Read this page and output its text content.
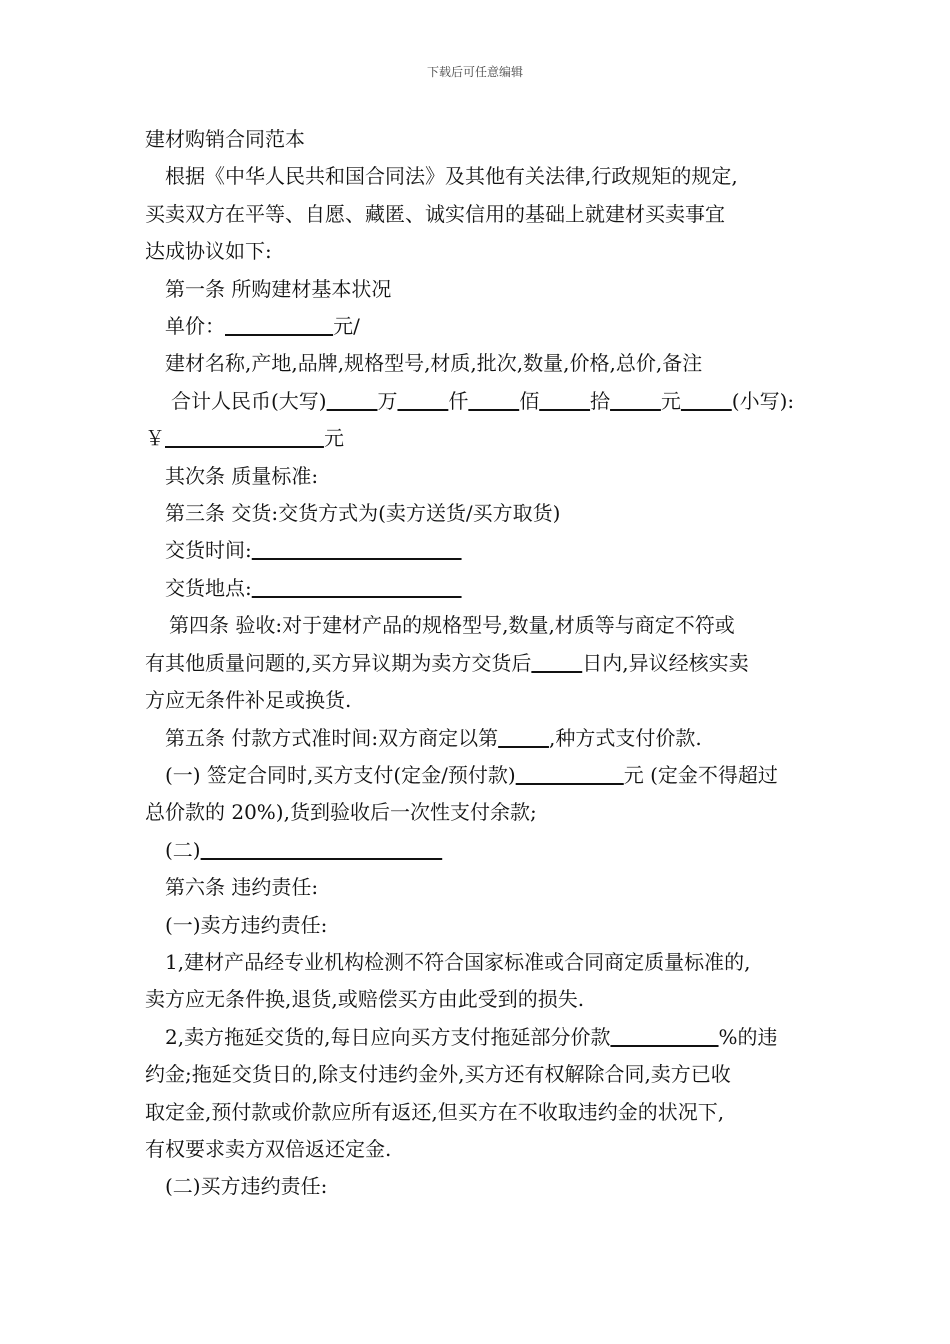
下载后可任意编辑

建材购销合同范本

根据《中华人民共和国合同法》及其他有关法律,行政规矩的规定,

买卖双方在平等、自愿、藏匿、诚实信用的基础上就建材买卖事宜

达成协议如下:

第一条 所购建材基本状况

单价：	元/

建材名称,产地,品牌,规格型号,材质,批次,数量,价格,总价,备注

合计人民币(大写)	万	仟	佰	拾	元	(小写):

￥	元

其次条 质量标准:

第三条 交货:交货方式为(卖方送货/买方取货)

交货时间:

交货地点:

第四条 验收:对于建材产品的规格型号,数量,材质等与商定不符或

有其他质量问题的,买方异议期为卖方交货后	日内,异议经核实卖

方应无条件补足或换货.

第五条 付款方式准时间:双方商定以第	,种方式支付价款.

(一) 签定合同时,买方支付(定金/预付款)	元 (定金不得超过

总价款的 20%),货到验收后一次性支付余款;

(二)

第六条 违约责任:

(一)卖方违约责任:

1,建材产品经专业机构检测不符合国家标准或合同商定质量标准的,

卖方应无条件换,退货,或赔偿买方由此受到的损失.

2,卖方拖延交货的,每日应向买方支付拖延部分价款	%的违

约金;拖延交货日的,除支付违约金外,买方还有权解除合同,卖方已收

取定金,预付款或价款应所有返还,但买方在不收取违约金的状况下,

有权要求卖方双倍返还定金.

(二)买方违约责任:
